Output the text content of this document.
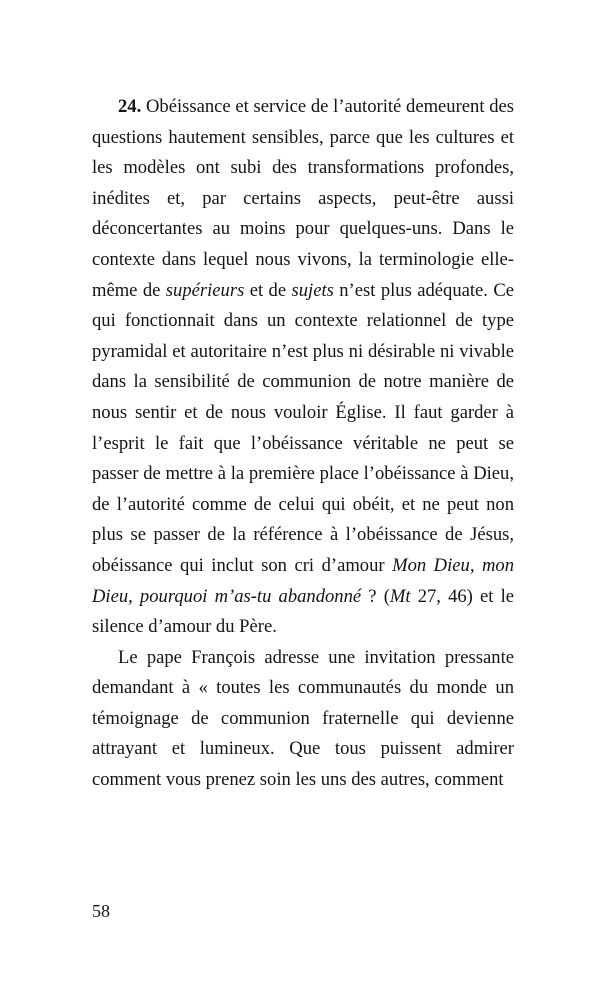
24. Obéissance et service de l’autorité demeurent des questions hautement sensibles, parce que les cultures et les modèles ont subi des transformations profondes, inédites et, par certains aspects, peut-être aussi déconcertantes au moins pour quelques-uns. Dans le contexte dans lequel nous vivons, la terminologie elle-même de supérieurs et de sujets n’est plus adéquate. Ce qui fonctionnait dans un contexte relationnel de type pyramidal et autoritaire n’est plus ni désirable ni vivable dans la sensibilité de communion de notre manière de nous sentir et de nous vouloir Église. Il faut garder à l’esprit le fait que l’obéissance véritable ne peut se passer de mettre à la première place l’obéissance à Dieu, de l’autorité comme de celui qui obéit, et ne peut non plus se passer de la référence à l’obéissance de Jésus, obéissance qui inclut son cri d’amour Mon Dieu, mon Dieu, pourquoi m’as-tu abandonné ? (Mt 27, 46) et le silence d’amour du Père.

Le pape François adresse une invitation pressante demandant à « toutes les communautés du monde un témoignage de communion fraternelle qui devienne attrayant et lumineux. Que tous puissent admirer comment vous prenez soin les uns des autres, comment

58
